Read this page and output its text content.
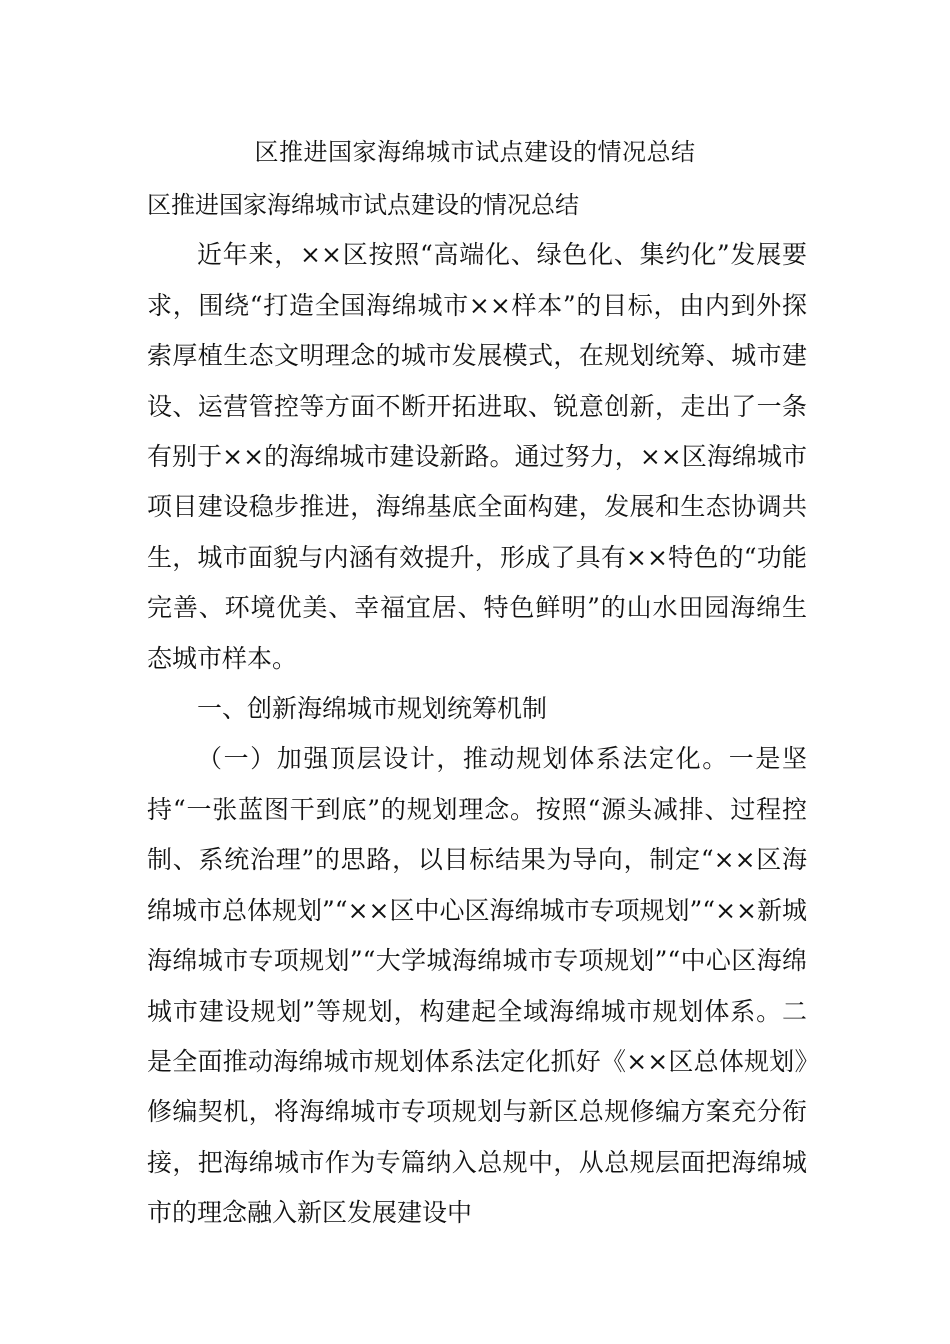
区推进国家海绵城市试点建设的情况总结

区推进国家海绵城市试点建设的情况总结

近年来，××区按照“高端化、绿色化、集约化”发展要求，围绕“打造全国海绵城市××样本”的目标，由内到外探索厚植生态文明理念的城市发展模式，在规划统筹、城市建设、运营管控等方面不断开拓进取、锐意创新，走出了一条有别于××的海绵城市建设新路。通过努力，××区海绵城市项目建设稳步推进，海绵基底全面构建，发展和生态协调共生，城市面貌与内涵有效提升，形成了具有××特色的“功能完善、环境优美、幸福宜居、特色鲜明”的山水田园海绵生态城市样本。

一、创新海绵城市规划统筹机制

（一）加强顶层设计，推动规划体系法定化。一是坚持“一张蓝图干到底”的规划理念。按照“源头减排、过程控制、系统治理”的思路，以目标结果为导向，制定“××区海绵城市总体规划”“××区中心区海绵城市专项规划”“××新城海绵城市专项规划”“大学城海绵城市专项规划”“中心区海绵城市建设规划”等规划，构建起全域海绵城市规划体系。二是全面推动海绵城市规划体系法定化抓好《××区总体规划》修编契机，将海绵城市专项规划与新区总规修编方案充分衔接，把海绵城市作为专篇纳入总规中，从总规层面把海绵城市的理念融入新区发展建设中
